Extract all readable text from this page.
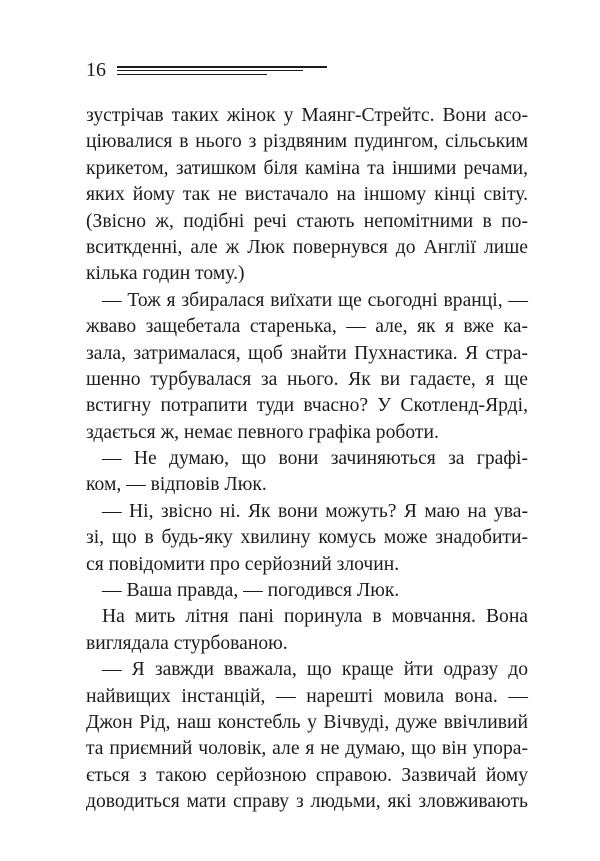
16
зустрічав таких жінок у Маянг-Стрейтс. Вони асо-
ціювалися в нього з різдвяним пудингом, сільським
крикетом, затишком біля каміна та іншими речами,
яких йому так не вистачало на іншому кінці світу.
(Звісно ж, подібні речі стають непомітними в по-
вситкденні, але ж Люк повернувся до Англії лише
кілька годин тому.)
— Тож я збиралася виїхати ще сьогодні вранці, —
жваво защебетала старенька, — але, як я вже ка-
зала, затрималася, щоб знайти Пухнастика. Я стра-
шенно турбувалася за нього. Як ви гадаєте, я ще
встигну потрапити туди вчасно? У Скотленд-Ярді,
здається ж, немає певного графіка роботи.
— Не думаю, що вони зачиняються за графі-
ком, — відповів Люк.
— Ні, звісно ні. Як вони можуть? Я маю на ува-
зі, що в будь-яку хвилину комусь може знадобити-
ся повідомити про серйозний злочин.
— Ваша правда, — погодився Люк.
На мить літня пані поринула в мовчання. Вона
виглядала стурбованою.
— Я завжди вважала, що краще йти одразу до
найвищих інстанцій, — нарешті мовила вона. —
Джон Рід, наш констебль у Вічвуді, дуже ввічливий
та приємний чоловік, але я не думаю, що він упора-
ється з такою серйозною справою. Зазвичай йому
доводиться мати справу з людьми, які зловживають
